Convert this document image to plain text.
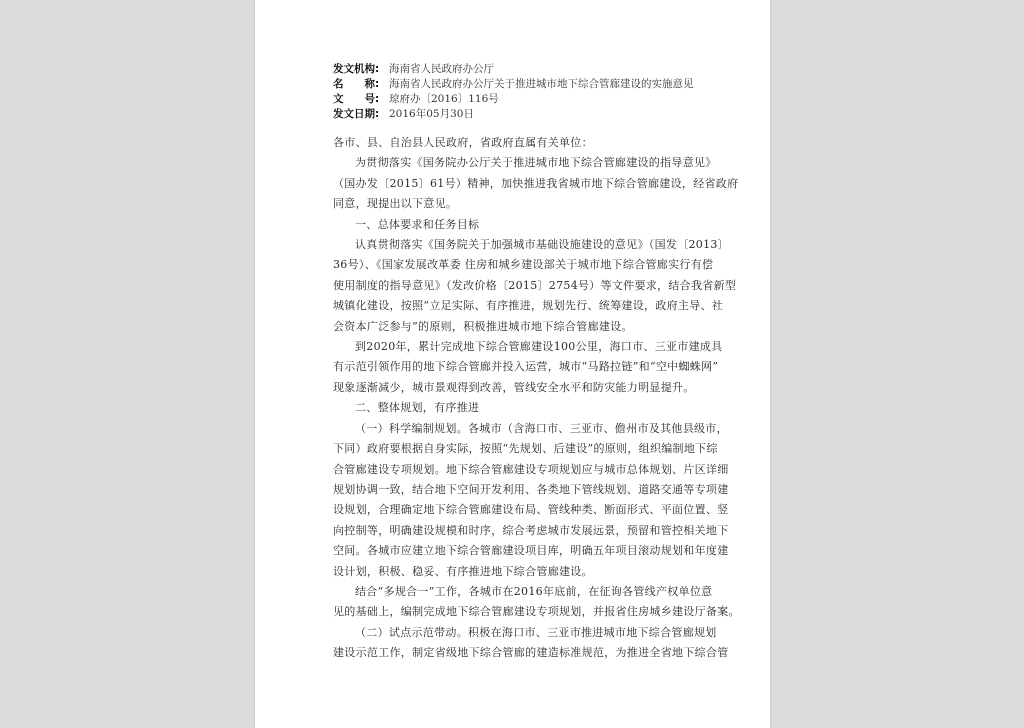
发文机构: 海南省人民政府办公厅
名　　称: 海南省人民政府办公厅关于推进城市地下综合管廊建设的实施意见
文　　号: 琼府办〔2016〕116号
发文日期: 2016年05月30日

各市、县、自治县人民政府，省政府直属有关单位：

为贯彻落实《国务院办公厅关于推进城市地下综合管廊建设的指导意见》

（国办发〔2015〕61号）精神，加快推进我省城市地下综合管廊建设，经省政府

同意，现提出以下意见。

一、总体要求和任务目标

认真贯彻落实《国务院关于加强城市基础设施建设的意见》（国发〔2013〕

36号）、《国家发展改革委 住房和城乡建设部关于城市地下综合管廊实行有偿

使用制度的指导意见》（发改价格〔2015〕2754号）等文件要求，结合我省新型

城镇化建设，按照“立足实际、有序推进，规划先行、统筹建设，政府主导、社

会资本广泛参与”的原则，积极推进城市地下综合管廊建设。

到2020年，累计完成地下综合管廊建设100公里，海口市、三亚市建成具

有示范引领作用的地下综合管廊并投入运营，城市“马路拉链”和“空中蜘蛛网”

现象逐渐减少，城市景观得到改善，管线安全水平和防灾能力明显提升。

二、整体规划，有序推进

（一）科学编制规划。各城市（含海口市、三亚市、儋州市及其他县级市，

下同）政府要根据自身实际，按照“先规划、后建设”的原则，组织编制地下综

合管廊建设专项规划。地下综合管廊建设专项规划应与城市总体规划、片区详细

规划协调一致，结合地下空间开发利用、各类地下管线规划、道路交通等专项建

设规划，合理确定地下综合管廊建设布局、管线种类、断面形式、平面位置、竖

向控制等，明确建设规模和时序，综合考虑城市发展远景，预留和管控相关地下

空间。各城市应建立地下综合管廊建设项目库，明确五年项目滚动规划和年度建

设计划，积极、稳妥、有序推进地下综合管廊建设。

结合“多规合一”工作，各城市在2016年底前，在征询各管线产权单位意

见的基础上，编制完成地下综合管廊建设专项规划，并报省住房城乡建设厅备案。

（二）试点示范带动。积极在海口市、三亚市推进城市地下综合管廊规划

建设示范工作，制定省级地下综合管廊的建造标准规范，为推进全省地下综合管
